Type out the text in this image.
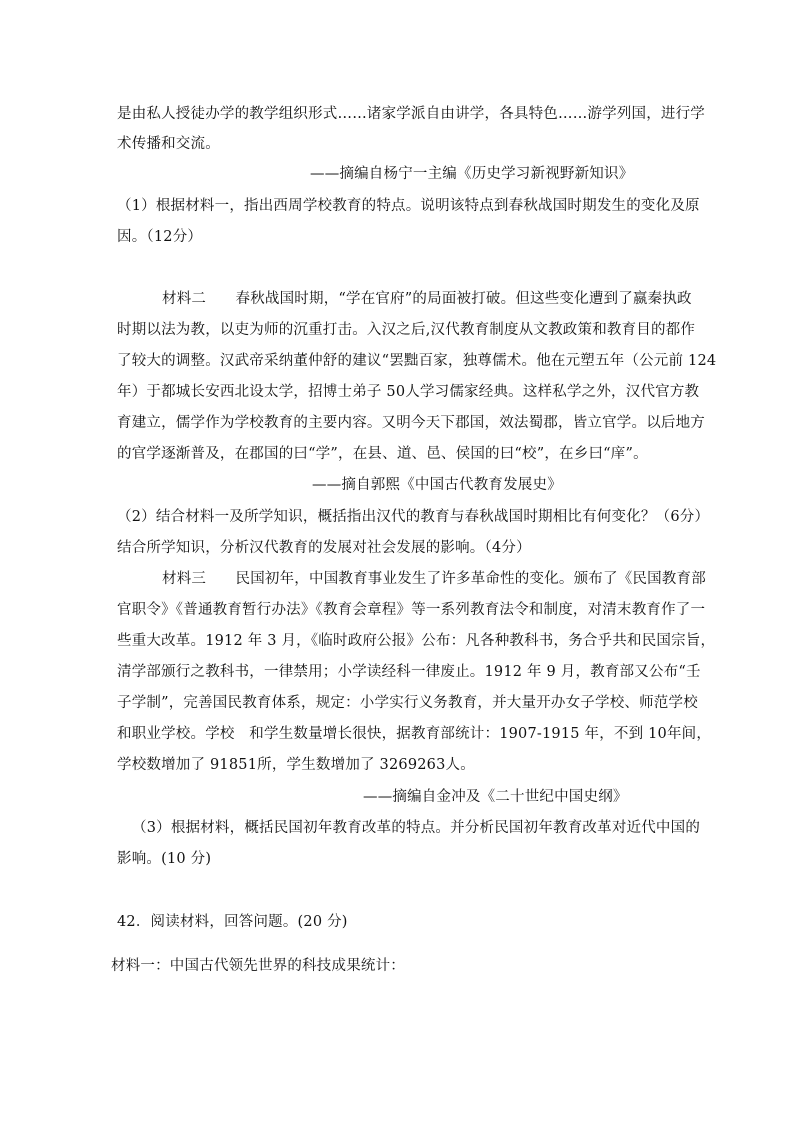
是由私人授徒办学的教学组织形式……诸家学派自由讲学，各具特色……游学列国，进行学
术传播和交流。
——摘编自杨宁一主编《历史学习新视野新知识》
（1）根据材料一，指出西周学校教育的特点。说明该特点到春秋战国时期发生的变化及原
因。（12分）
材料二　　春秋战国时期，“学在官府”的局面被打破。但这些变化遭到了嬴秦执政
时期以法为教，以吏为师的沉重打击。入汉之后,汉代教育制度从文教政策和教育目的都作
了较大的调整。汉武帝采纳董仲舒的建议“罢黜百家，独尊儒术。他在元塑五年（公元前 124
年）于都城长安西北设太学，招博士弟子 50人学习儒家经典。这样私学之外，汉代官方教
育建立，儒学作为学校教育的主要内容。又明今天下郡国，效法蜀郡，皆立官学。以后地方
的官学逐渐普及，在郡国的曰“学”，在县、道、邑、侯国的曰“校”，在乡曰“庠”。
——摘自郭熙《中国古代教育发展史》
（2）结合材料一及所学知识，概括指出汉代的教育与春秋战国时期相比有何变化？（6分）
结合所学知识，分析汉代教育的发展对社会发展的影响。（4分）
材料三　　民国初年，中国教育事业发生了许多革命性的变化。颁布了《民国教育部
官职令》《普通教育暂行办法》《教育会章程》等一系列教育法令和制度，对清末教育作了一
些重大改革。1912 年 3 月，《临时政府公报》公布：凡各种教科书，务合乎共和民国宗旨，
清学部颁行之教科书，一律禁用；小学读经科一律废止。1912 年 9 月，教育部又公布“壬
子学制”，完善国民教育体系，规定：小学实行义务教育，并大量开办女子学校、师范学校
和职业学校。学校　和学生数量增长很快，据教育部统计：1907-1915 年，不到 10年间，
学校数增加了 91851所，学生数增加了 3269263人。
——摘编自金冲及《二十世纪中国史纲》
（3）根据材料，概括民国初年教育改革的特点。并分析民国初年教育改革对近代中国的
影响。(10 分)
42．阅读材料，回答问题。(20 分)
材料一：中国古代领先世界的科技成果统计：
